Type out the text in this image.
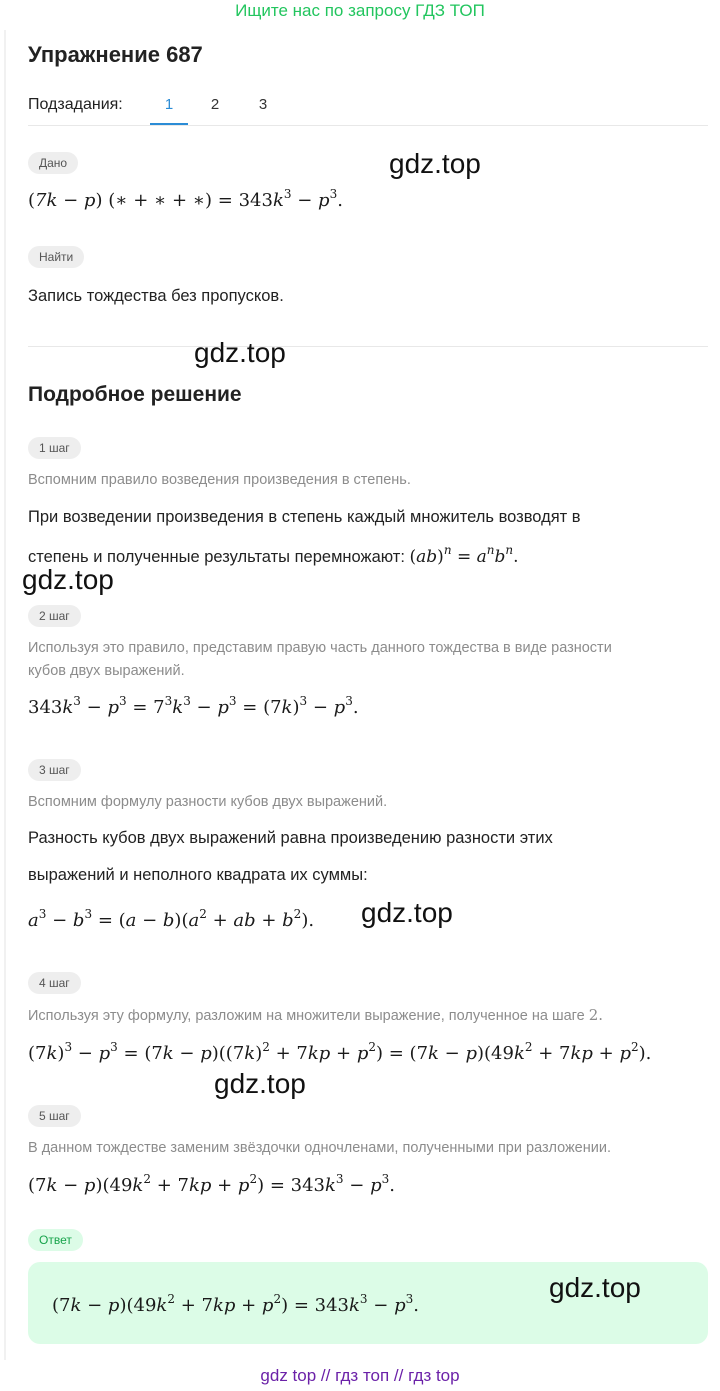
Ищите нас по запросу ГДЗ ТОП
Упражнение 687
Подзадания:	1	2	3
Дано
(7k − p) (∗ + ∗ + ∗) = $343k^3 - p^3$.
Найти
Запись тождества без пропусков.
Подробное решение
1 шаг
Вспомним правило возведения произведения в степень.
При возведении произведения в степень каждый множитель возводят в
степень и полученные результаты перемножают: $(ab)^n = a^nb^n$.
2 шаг
Используя это правило, представим правую часть данного тождества в виде разности
кубов двух выражений.
$343k^3 - p^3 = 7^3k^3 - p^3 = (7k)^3 - p^3$.
3 шаг
Вспомним формулу разности кубов двух выражений.
Разность кубов двух выражений равна произведению разности этих
выражений и неполного квадрата их суммы:
$a^3 - b^3 = (a - b)(a^2$ + ab + $b^2$).
4 шаг
Используя эту формулу, разложим на множители выражение, полученное на шаге 2.
$(7k)^3 - p^3 = (7k - p)((7k)^2 + 7kp + p^2) = (7k - p)(49k^2 + 7kp + p^2)$.
5 шаг
В данном тождестве заменим звёздочки одночленами, полученными при разложении.
$(7k - p)(49k^2 + 7kp + p^2) = 343k^3 - p^3$.
Ответ
$(7k - p)(49k^2 + 7kp + p^2) = 343k^3 - p^3$.
gdz.top
gdz.top
gdz.top
gdz.top
gdz.top
gdz.top
gdz top // гдз топ // гдз top
